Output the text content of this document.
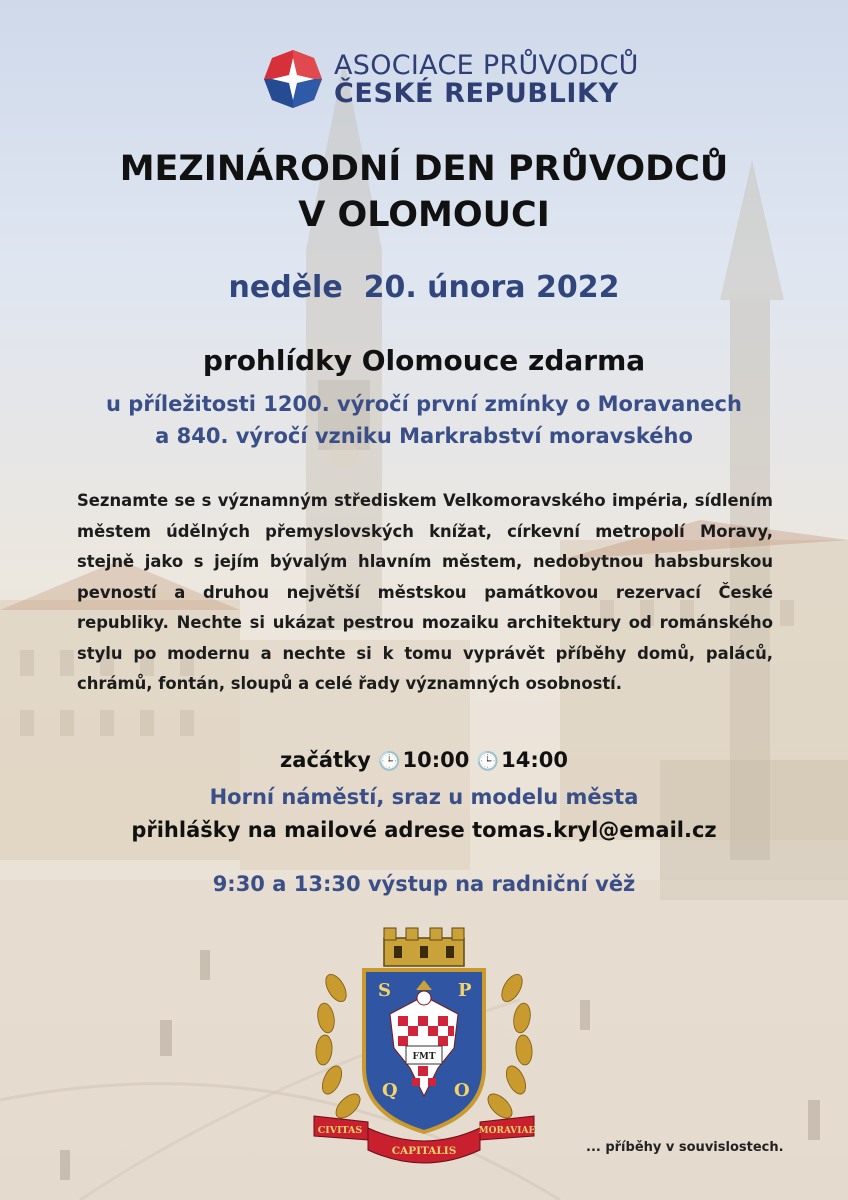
ASOCIACE PRŮVODCŮ
ČESKÉ REPUBLIKY
MEZINÁRODNÍ DEN PRŮVODCŮ
V OLOMOUCI
neděle  20. února 2022
prohlídky Olomouce zdarma
u příležitosti 1200. výročí první zmínky o Moravanech
a 840. výročí vzniku Markrabství moravského

Seznamte se s významným střediskem Velkomoravského impéria, sídlením městem údělných přemyslovských knížat, církevní metropolí Moravy, stejně jako s jejím bývalým hlavním městem, nedobytnou habsburskou pevností a druhou největší městskou památkovou rezervací České republiky. Nechte si ukázat pestrou mozaiku architektury od románského stylu po modernu a nechte si k tomu vyprávět příběhy domů, paláců, chrámů, fontán, sloupů a celé řady významných osobností.

začátky 🕒10:00 🕒14:00
Horní náměstí, sraz u modelu města
přihlášky na mailové adrese tomas.kryl@email.cz
9:30 a 13:30 výstup na radniční věž
FMT
S	P
Q	O
CIVITAS
CAPITALIS
MORAVIAE
... příběhy v souvislostech.
